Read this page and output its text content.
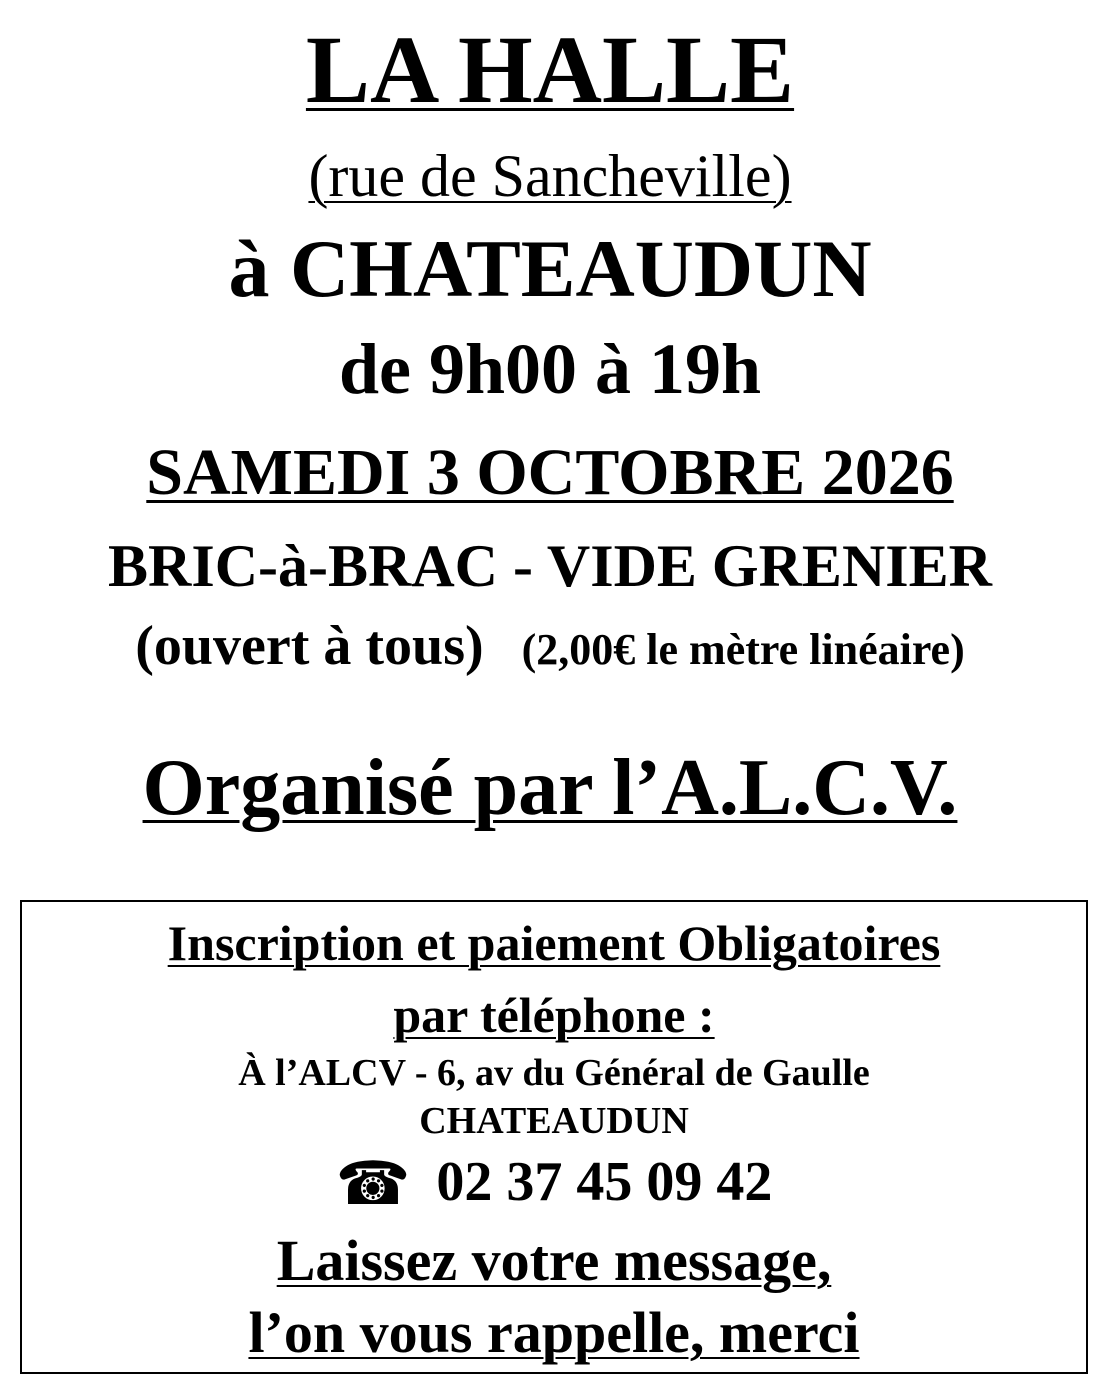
LA HALLE
(rue de Sancheville)
à CHATEAUDUN
de 9h00 à 19h
SAMEDI 3 OCTOBRE 2026
BRIC-à-BRAC - VIDE GRENIER
(ouvert à tous) (2,00€ le mètre linéaire)
Organisé par l’A.L.C.V.
Inscription et paiement Obligatoires
par téléphone :
À l’ALCV - 6, av du Général de Gaulle
CHATEAUDUN
☎ 02 37 45 09 42
Laissez votre message,
l’on vous rappelle, merci
